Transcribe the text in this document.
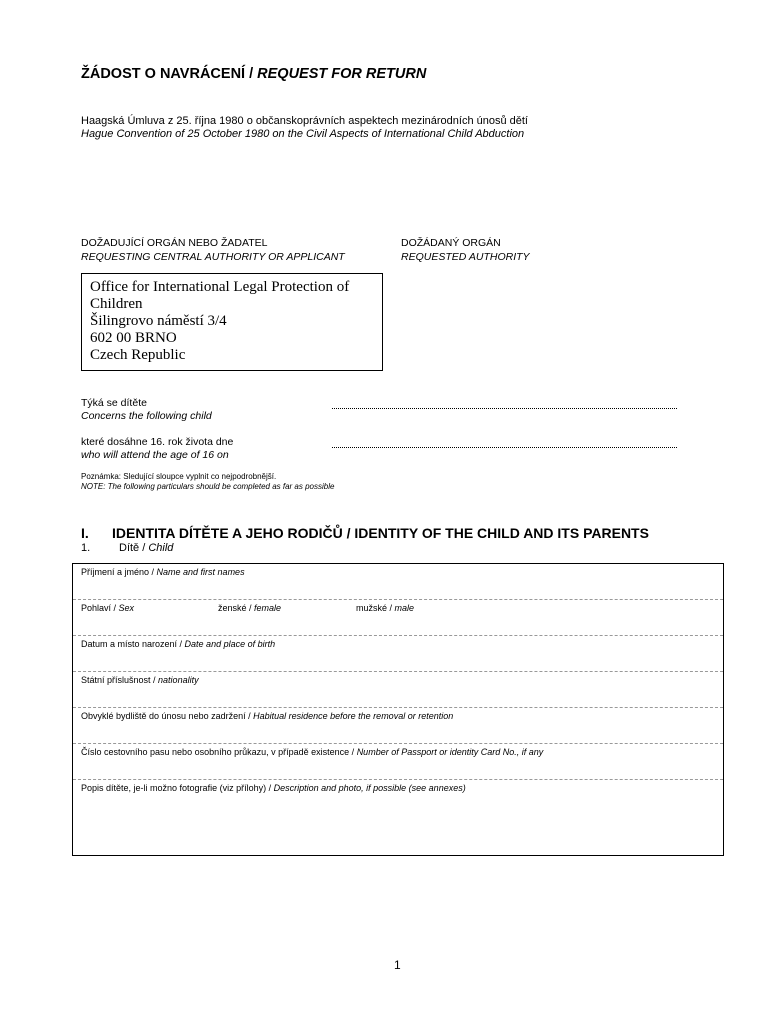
ŽÁDOST O NAVRÁCENÍ / REQUEST FOR RETURN
Haagská Úmluva z 25. října 1980 o občanskoprávních aspektech mezinárodních únosů dětí
Hague Convention of 25 October 1980 on the Civil Aspects of International Child Abduction
DOŽADUJÍCÍ ORGÁN NEBO ŽADATEL
REQUESTING CENTRAL AUTHORITY OR APPLICANT
DOŽÁDANÝ ORGÁN
REQUESTED AUTHORITY
Office for International Legal Protection of
Children
Šilingrovo náměstí 3/4
602 00 BRNO
Czech Republic
Týká se dítěte
Concerns the following child
které dosáhne 16. rok života dne
who will attend the age of 16 on
Poznámka: Sledující sloupce vyplnit co nejpodrobnější.
NOTE: The following particulars should be completed as far as possible
I. IDENTITA DÍTĚTE A JEHO RODIČŮ / IDENTITY OF THE CHILD AND ITS PARENTS
1.	Dítě / Child
Příjmení a jméno / Name and first names
Pohlaví / Sex	ženské / female	mužské / male
Datum a místo narození / Date and place of birth
Státní příslušnost / nationality
Obvyklé bydliště do únosu nebo zadržení / Habitual residence before the removal or retention
Číslo cestovního pasu nebo osobního průkazu, v případě existence / Number of Passport or identity Card No., if any
Popis dítěte, je-li možno fotografie (viz přílohy) / Description and photo, if possible (see annexes)
1
